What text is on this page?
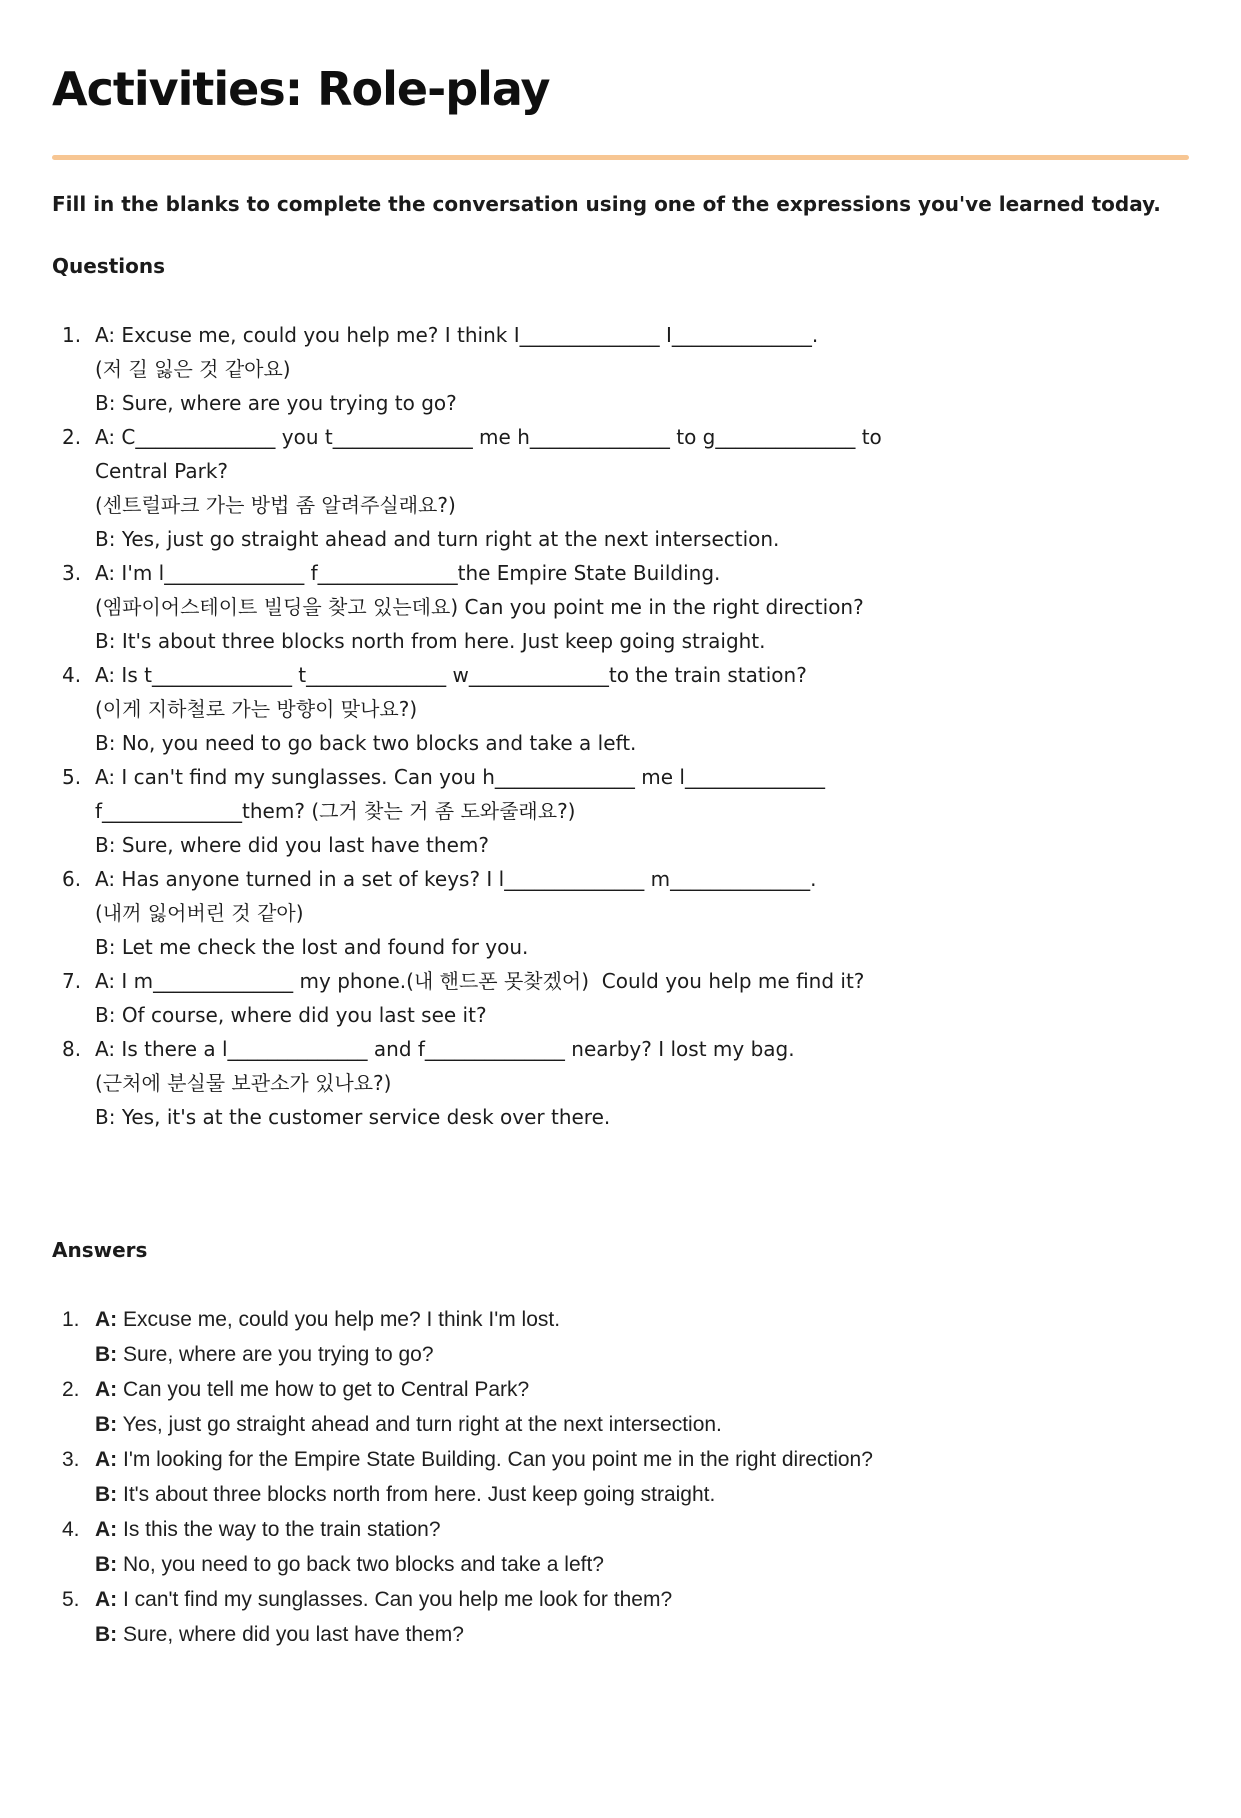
Activities: Role-play

Fill in the blanks to complete the conversation using one of the expressions you've learned today.

Questions
1. A: Excuse me, could you help me? I think I______________ I______________.
(저 길 잃은 것 같아요)
B: Sure, where are you trying to go?
2. A: C______________ you t______________ me h______________ to g______________ to
Central Park?
(센트럴파크 가는 방법 좀 알려주실래요?)
B: Yes, just go straight ahead and turn right at the next intersection.
3. A: I'm l______________ f______________the Empire State Building.
(엠파이어스테이트 빌딩을 찾고 있는데요) Can you point me in the right direction?
B: It's about three blocks north from here. Just keep going straight.
4. A: Is t______________ t______________ w______________to the train station?
(이게 지하철로 가는 방향이 맞나요?)
B: No, you need to go back two blocks and take a left.
5. A: I can't find my sunglasses. Can you h______________ me l______________
f______________them? (그거 찾는 거 좀 도와줄래요?)
B: Sure, where did you last have them?
6. A: Has anyone turned in a set of keys? I l______________ m______________.
(내꺼 잃어버린 것 같아)
B: Let me check the lost and found for you.
7. A: I m______________ my phone.(내 핸드폰 못찾겠어)  Could you help me find it?
B: Of course, where did you last see it?
8. A: Is there a l______________ and f______________ nearby? I lost my bag.
(근처에 분실물 보관소가 있나요?)
B: Yes, it's at the customer service desk over there.
Answers
1. A: Excuse me, could you help me? I think I'm lost.
B: Sure, where are you trying to go?
2. A: Can you tell me how to get to Central Park?
B: Yes, just go straight ahead and turn right at the next intersection.
3. A: I'm looking for the Empire State Building. Can you point me in the right direction?
B: It's about three blocks north from here. Just keep going straight.
4. A: Is this the way to the train station?
B: No, you need to go back two blocks and take a left?
5. A: I can't find my sunglasses. Can you help me look for them?
B: Sure, where did you last have them?
